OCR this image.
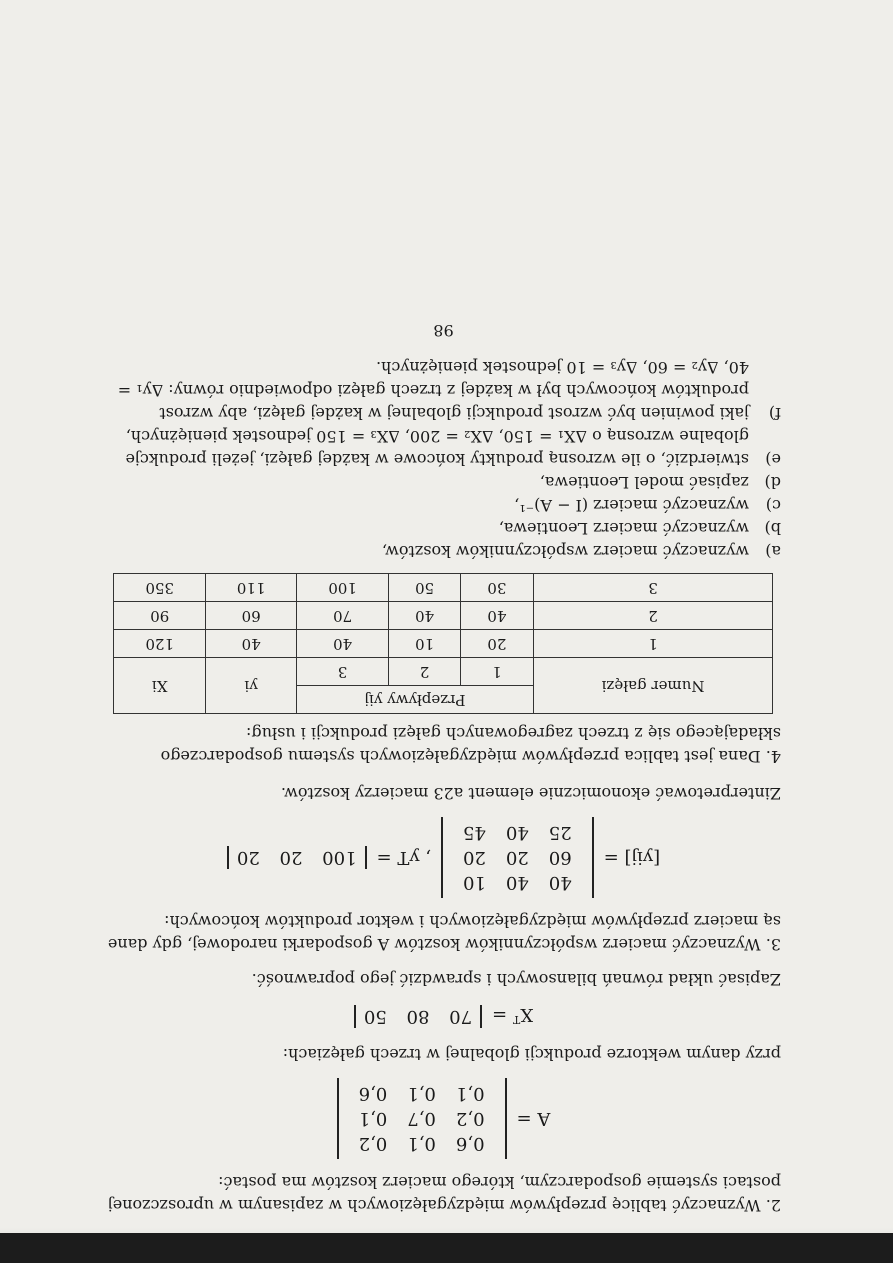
2. Wyznaczyć tablicę przepływów międzygałęziowych w zapisanym w uproszczonej postaci systemie gospodarczym, którego macierz kosztów ma postać:

A =
0,6	0,1	0,2
0,2	0,7	0,1
0,1	0,1	0,6

przy danym wektorze produkcji globalnej w trzech gałęziach:

$X^T$ =
70 80 50

Zapisać układ równań bilansowych i sprawdzić jego poprawność.

3. Wyznaczyć macierz współczynników kosztów A gospodarki narodowej, gdy dane są macierz przepływów międzygałęziowych i wektor produktów końcowych:

[yij] =
40	40	10
60	20	20
25	40	45
, yT =
100 20 20

Zinterpretować ekonomicznie element a23 macierzy kosztów.

4. Dana jest tablica przepływów międzygałęziowych systemu gospodarczego składającego się z trzech zagregowanych gałęzi produkcji i usług:

Numer gałęzi	Przepływy yij			yi	Xi
	1	2	3		
1	20	10	40	40	120
2	40	40	70	60	90
3	30	50	100	110	350
a)
wyznaczyć macierz współczynników kosztów,
b)
wyznaczyć macierz Leontiewa,
c)
wyznaczyć macierz (I − A)⁻¹,
d)
zapisać model Leontiewa,
e)
stwierdzić, o ile wzrosną produkty końcowe w każdej gałęzi, jeżeli produkcje globalne wzrosną o ΔX₁ = 150, ΔX₂ = 200, ΔX₃ = 150 jednostek pieniężnych,
f)
jaki powinien być wzrost produkcji globalnej w każdej gałęzi, aby wzrost produktów końcowych był w każdej z trzech gałęzi odpowiednio równy: Δy₁ = 40, Δy₂ = 60, Δy₃ = 10 jednostek pieniężnych.
98
